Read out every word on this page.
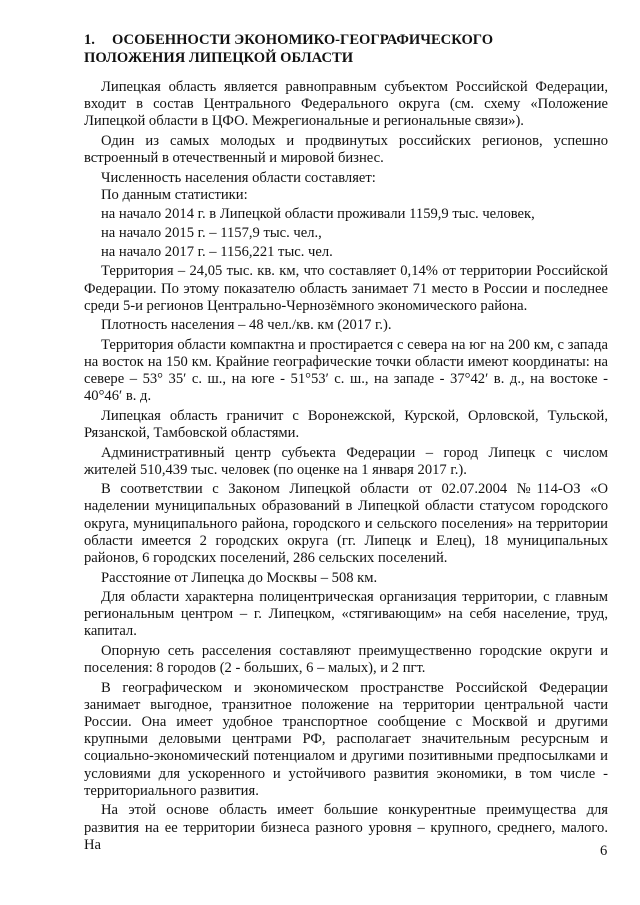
1. ОСОБЕННОСТИ ЭКОНОМИКО-ГЕОГРАФИЧЕСКОГО ПОЛОЖЕНИЯ ЛИПЕЦКОЙ ОБЛАСТИ

Липецкая область является равноправным субъектом Российской Федерации, входит в состав Центрального Федерального округа (см. схему «Положение Липецкой области в ЦФО. Межрегиональные и региональные связи»).

Один из самых молодых и продвинутых российских регионов, успешно встроенный в отечественный и мировой бизнес.

Численность населения области составляет:

По данным статистики:

на начало 2014 г. в Липецкой области проживали 1159,9 тыс. человек,

на начало 2015 г. – 1157,9 тыс. чел.,

на начало 2017 г. – 1156,221 тыс. чел.

Территория – 24,05 тыс. кв. км, что составляет 0,14% от территории Российской Федерации. По этому показателю область занимает 71 место в России и последнее среди 5-и регионов Центрально-Чернозёмного экономического района.

Плотность населения – 48 чел./кв. км (2017 г.).

Территория области компактна и простирается с севера на юг на 200 км, с запада на восток на 150 км. Крайние географические точки области имеют координаты: на севере – 53° 35ʹ с. ш., на юге - 51°53ʹ с. ш., на западе - 37°42ʹ в. д., на востоке - 40°46ʹ в. д.

Липецкая область граничит с Воронежской, Курской, Орловской, Тульской, Рязанской, Тамбовской областями.

Административный центр субъекта Федерации – город Липецк с числом жителей 510,439 тыс. человек (по оценке на 1 января 2017 г.).

В соответствии с Законом Липецкой области от 02.07.2004 №114-ОЗ «О наделении муниципальных образований в Липецкой области статусом городского округа, муниципального района, городского и сельского поселения» на территории области имеется 2 городских округа (гг. Липецк и Елец), 18 муниципальных районов, 6 городских поселений, 286 сельских поселений.

Расстояние от Липецка до Москвы – 508 км.

Для области характерна полицентрическая организация территории, с главным региональным центром – г. Липецком, «стягивающим» на себя население, труд, капитал.

Опорную сеть расселения составляют преимущественно городские округи и поселения: 8 городов (2 - больших, 6 – малых), и 2 пгт.

В географическом и экономическом пространстве Российской Федерации занимает выгодное, транзитное положение на территории центральной части России. Она имеет удобное транспортное сообщение с Москвой и другими крупными деловыми центрами РФ, располагает значительным ресурсным и социально-экономический потенциалом и другими позитивными предпосылками и условиями для ускоренного и устойчивого развития экономики, в том числе - территориального развития.

На этой основе область имеет большие конкурентные преимущества для развития на ее территории бизнеса разного уровня – крупного, среднего, малого. На	6
